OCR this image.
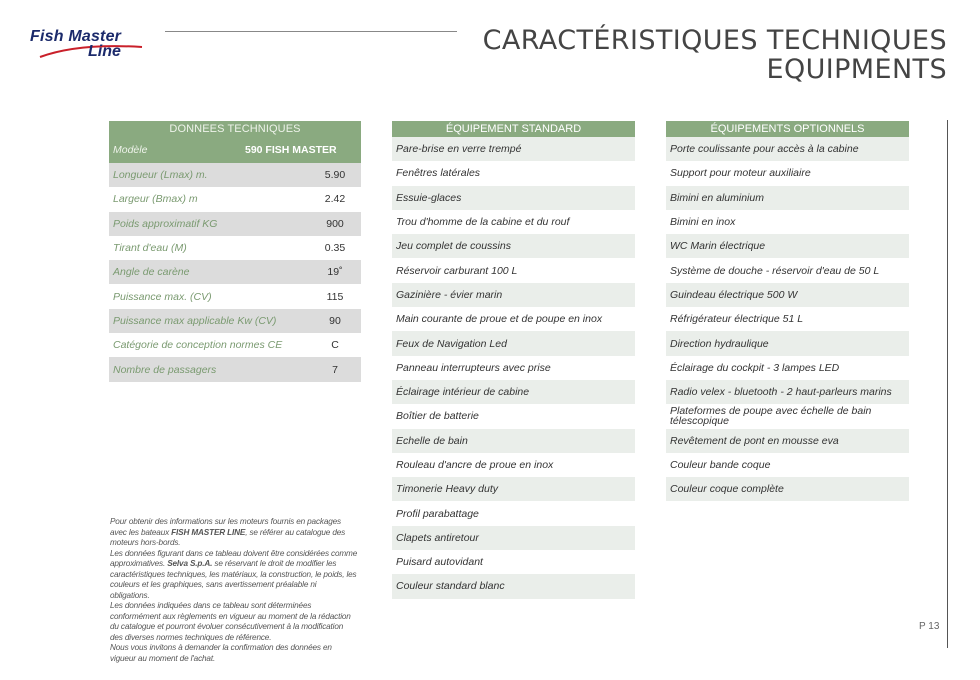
Fish Master
Line	CARACTÉRISTIQUES TECHNIQUES
EQUIPMENTS
DONNEES TECHNIQUES
Modèle	590 FISH MASTER
Longueur (Lmax) m.	5.90
Largeur (Bmax) m	2.42
Poids approximatif KG	900
Tirant d'eau (M)	0.35
Angle de carène	19˚
Puissance max. (CV)	115
Puissance max applicable Kw (CV)	90
Catégorie de conception normes CE	C
Nombre de passagers	7
ÉQUIPEMENT STANDARD
Pare-brise en verre trempé
Fenêtres latérales
Essuie-glaces
Trou d'homme de la cabine et du rouf
Jeu complet de coussins
Réservoir carburant 100 L
Gazinière - évier marin
Main courante de proue et de poupe en inox
Feux de Navigation Led
Panneau interrupteurs avec prise
Éclairage intérieur de cabine
Boîtier de batterie
Echelle de bain
Rouleau d'ancre de proue en inox
Timonerie Heavy duty
Profil parabattage
Clapets antiretour
Puisard autovidant
Couleur standard blanc
ÉQUIPEMENTS OPTIONNELS
Porte coulissante pour accès à la cabine
Support pour moteur auxiliaire
Bimini en aluminium
Bimini en inox
WC Marin électrique
Système de douche - réservoir d'eau de 50 L
Guindeau électrique 500 W
Réfrigérateur électrique 51 L
Direction hydraulique
Éclairage du cockpit - 3 lampes LED
Radio velex - bluetooth - 2 haut-parleurs marins
Plateformes de poupe avec échelle de bain télescopique
Revêtement de pont en mousse eva
Couleur bande coque
Couleur coque complète
Pour obtenir des informations sur les moteurs fournis en packages avec les bateaux FISH MASTER LINE, se référer au catalogue des moteurs hors-bords.
Les données figurant dans ce tableau doivent être considérées comme approximatives. Selva S.p.A. se réservant le droit de modifier les caractéristiques techniques, les matériaux, la construction, le poids, les couleurs et les graphiques, sans avertissement préalable ni obligations.
Les données indiquées dans ce tableau sont déterminées conformément aux règlements en vigueur au moment de la rédaction du catalogue et pourront évoluer consécutivement à la modification des diverses normes techniques de référence.
Nous vous invitons à demander la confirmation des données en vigueur au moment de l'achat.
P 13
